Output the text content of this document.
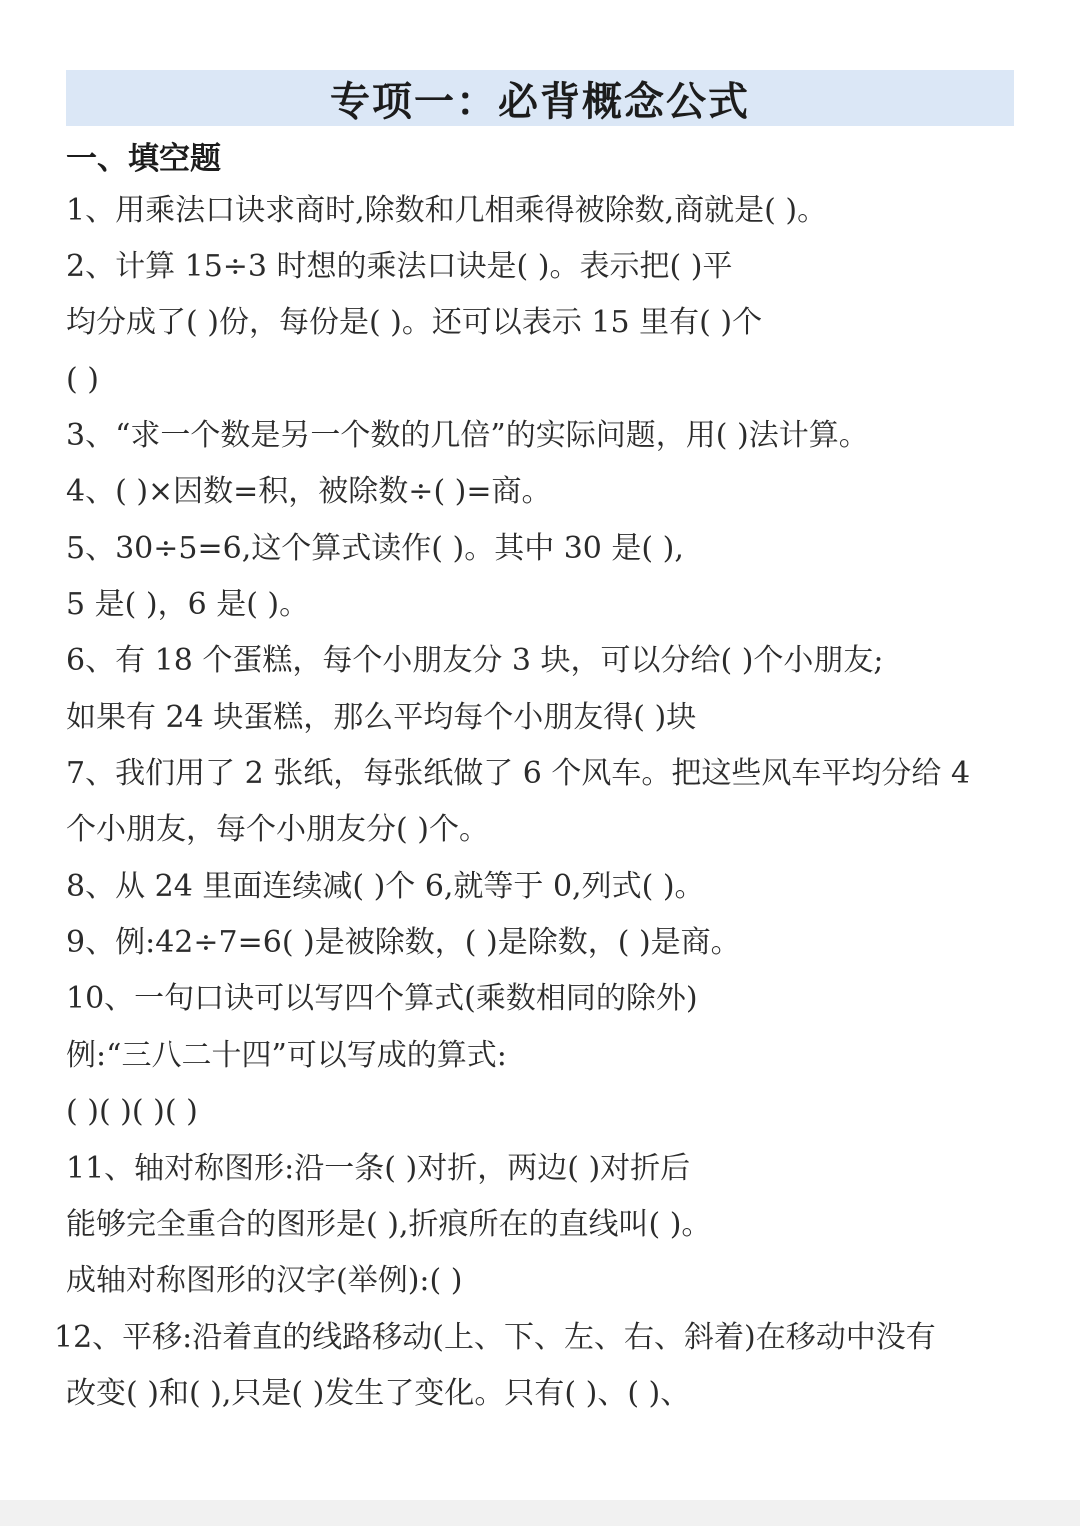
专项一：必背概念公式
一、填空题
1、用乘法口诀求商时,除数和几相乘得被除数,商就是( )。
2、计算 15÷3 时想的乘法口诀是( )。表示把( )平
均分成了( )份，每份是( )。还可以表示 15 里有( )个
( )
3、“求一个数是另一个数的几倍”的实际问题，用( )法计算。
4、( )×因数=积，被除数÷( )=商。
5、30÷5=6,这个算式读作( )。其中 30 是( ),
5 是( )，6 是( )。
6、有 18 个蛋糕，每个小朋友分 3 块，可以分给( )个小朋友;
如果有 24 块蛋糕，那么平均每个小朋友得( )块
7、我们用了 2 张纸，每张纸做了 6 个风车。把这些风车平均分给 4
个小朋友，每个小朋友分( )个。
8、从 24 里面连续减( )个 6,就等于 0,列式( )。
9、例:42÷7=6( )是被除数，( )是除数，( )是商。
10、一句口诀可以写四个算式(乘数相同的除外)
例:“三八二十四”可以写成的算式:
( )( )( )( )
11、轴对称图形:沿一条( )对折，两边( )对折后
能够完全重合的图形是( ),折痕所在的直线叫( )。
成轴对称图形的汉字(举例):( )
12、平移:沿着直的线路移动(上、下、左、右、斜着)在移动中没有
改变( )和( ),只是( )发生了变化。只有( )、( )、
